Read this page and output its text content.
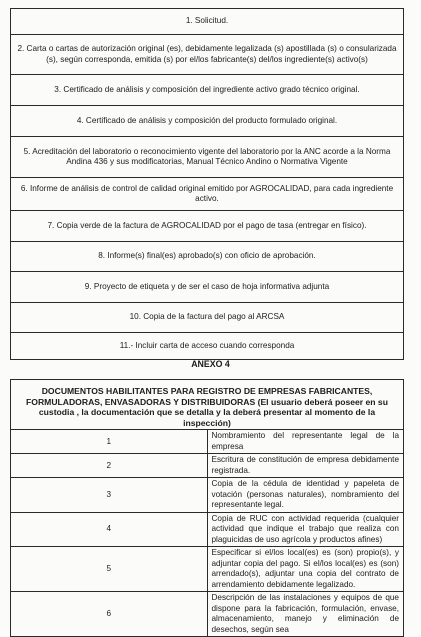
1. Solicitud.
2. Carta o cartas de autorización original (es), debidamente legalizada (s) apostillada (s) o consularizada (s), según corresponda, emitida (s) por el/los fabricante(s) del/los ingrediente(s) activo(s)
3. Certificado de análisis y composición del ingrediente activo grado técnico original.
4. Certificado de análisis y composición del producto formulado original.
5. Acreditación del laboratorio o reconocimiento vigente del laboratorio por la ANC acorde a la Norma Andina 436 y sus modificatorias, Manual Técnico Andino o Normativa Vigente
6. Informe de análisis de control de calidad original emitido por AGROCALIDAD, para cada ingrediente activo.
7. Copia verde de la factura de AGROCALIDAD por el pago de tasa (entregar en físico).
8. Informe(s) final(es) aprobado(s) con oficio de aprobación.
9. Proyecto de etiqueta y de ser el caso de hoja informativa adjunta
10. Copia de la factura del pago al ARCSA
11.- Incluir carta de acceso cuando corresponda
ANEXO 4
DOCUMENTOS HABILITANTES PARA REGISTRO DE EMPRESAS FABRICANTES, FORMULADORAS, ENVASADORAS Y DISTRIBUIDORAS (El usuario deberá poseer en su custodia , la documentación que se detalla y la deberá presentar al momento de la inspección)	
1	Nombramiento del representante legal de la empresa
2	Escritura de constitución de empresa debidamente registrada.
3	Copia de la cédula de identidad y papeleta de votación (personas naturales), nombramiento del representante legal.
4	Copia de RUC con actividad requerida (cualquier actividad que indique el trabajo que realiza con plaguicidas de uso agrícola y productos afines)
5	Especificar si el/los local(es) es (son) propio(s), y adjuntar copia del pago. Si el/los local(es) es (son) arrendado(s), adjuntar una copia del contrato de arrendamiento debidamente legalizado.
6	Descripción de las instalaciones y equipos de que dispone para la fabricación, formulación, envase, almacenamiento, manejo y eliminación de desechos, según sea
